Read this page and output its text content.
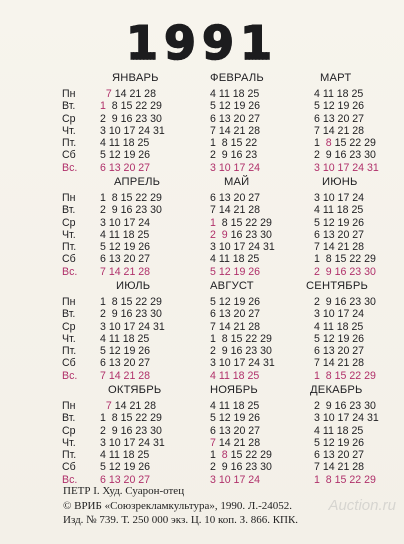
1991
Пн
Вт.
Ср
Чт.
Пт.
Сб
Вс.
ЯНВАРЬ
7 14 21 28
1  8 15 22 29
2  9 16 23 30
3 10 17 24 31
4 11 18 25
5 12 19 26
6 13 20 27
ФЕВРАЛЬ
4 11 18 25
5 12 19 26
6 13 20 27
7 14 21 28
1  8 15 22
2  9 16 23
3 10 17 24
МАРТ
4 11 18 25
5 12 19 26
6 13 20 27
7 14 21 28
1  8 15 22 29
2  9 16 23 30
3 10 17 24 31
Пн
Вт.
Ср
Чт.
Пт.
Сб
Вс.
АПРЕЛЬ
1  8 15 22 29
2  9 16 23 30
3 10 17 24
4 11 18 25
5 12 19 26
6 13 20 27
7 14 21 28
МАЙ
6 13 20 27
7 14 21 28
1  8 15 22 29
2 9 16 23 30
3 10 17 24 31
4 11 18 25
5 12 19 26
ИЮНЬ
3 10 17 24
4 11 18 25
5 12 19 26
6 13 20 27
7 14 21 28
1  8 15 22 29
2  9 16 23 30
Пн
Вт.
Ср
Чт.
Пт.
Сб
Вс.
ИЮЛЬ
1  8 15 22 29
2  9 16 23 30
3 10 17 24 31
4 11 18 25
5 12 19 26
6 13 20 27
7 14 21 28
АВГУСТ
5 12 19 26
6 13 20 27
7 14 21 28
1  8 15 22 29
2  9 16 23 30
3 10 17 24 31
4 11 18 25
СЕНТЯБРЬ
2  9 16 23 30
3 10 17 24
4 11 18 25
5 12 19 26
6 13 20 27
7 14 21 28
1  8 15 22 29
Пн
Вт.
Ср
Чт.
Пт.
Сб
Вс.
ОКТЯБРЬ
7 14 21 28
1  8 15 22 29
2  9 16 23 30
3 10 17 24 31
4 11 18 25
5 12 19 26
6 13 20 27
НОЯБРЬ
4 11 18 25
5 12 19 26
6 13 20 27
7 14 21 28
1  8 15 22 29
2  9 16 23 30
3 10 17 24
ДЕКАБРЬ
2  9 16 23 30
3 10 17 24 31
4 11 18 25
5 12 19 26
6 13 20 27
7 14 21 28
1  8 15 22 29
ПЕТР I. Худ. Суарон-отец
© ВРИБ «Союзрекламкультура», 1990. Л.-24052.
Изд. № 739. Т. 250 000 экз. Ц. 10 коп. З. 866. КПК.
Auction.ru
